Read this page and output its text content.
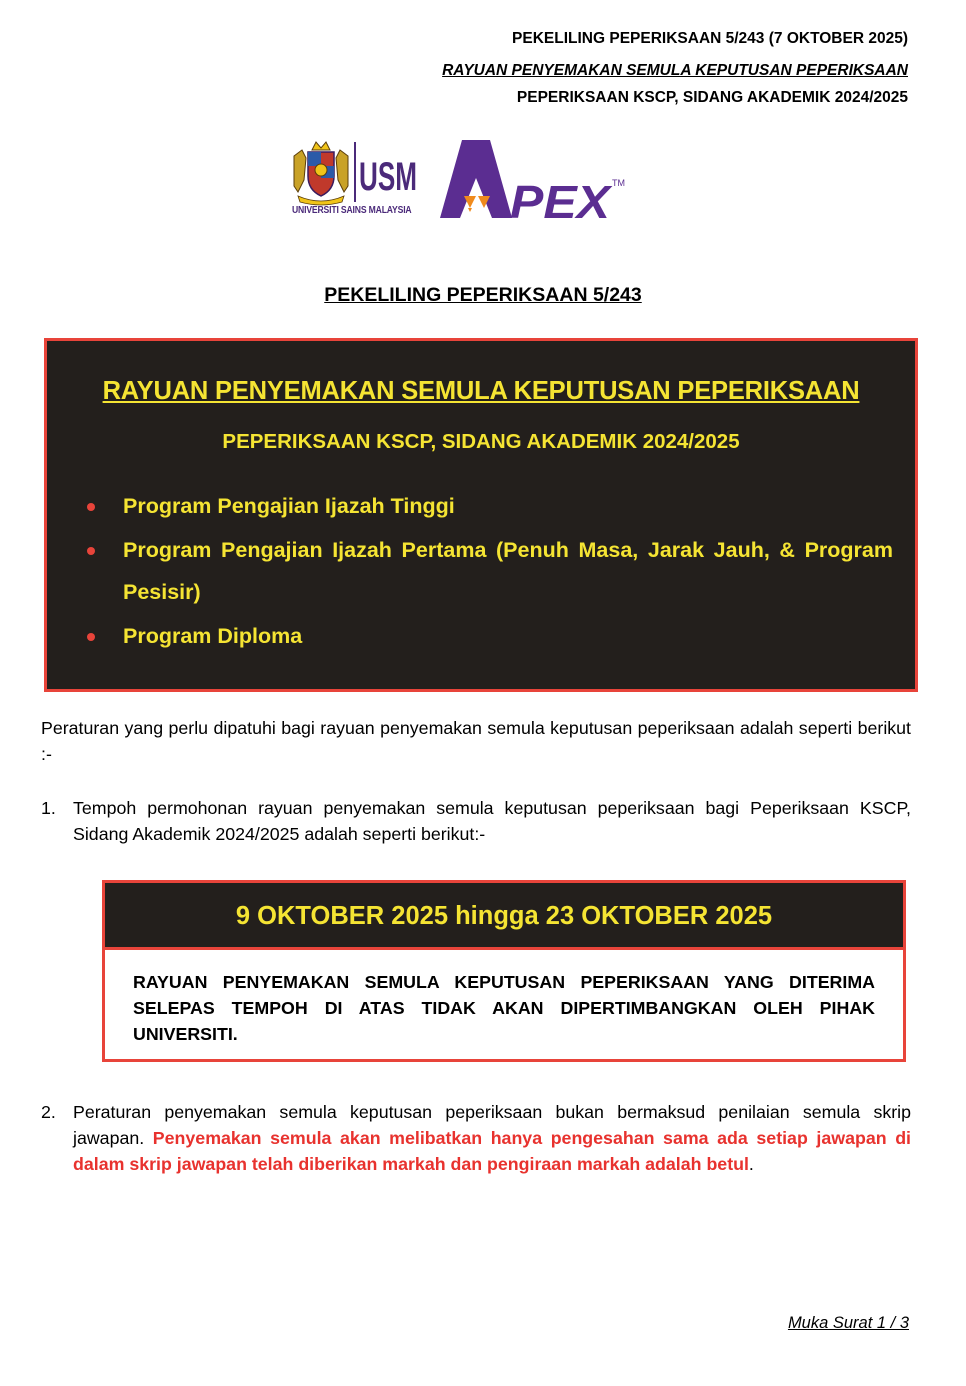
PEKELILING PEPERIKSAAN 5/243 (7 OKTOBER 2025)
RAYUAN PENYEMAKAN SEMULA KEPUTUSAN PEPERIKSAAN
PEPERIKSAAN KSCP, SIDANG AKADEMIK 2024/2025
USM
UNIVERSITI SAINS MALAYSIA PEX TM
PEKELILING PEPERIKSAAN 5/243
RAYUAN PENYEMAKAN SEMULA KEPUTUSAN PEPERIKSAAN
PEPERIKSAAN KSCP, SIDANG AKADEMIK 2024/2025
Program Pengajian Ijazah Tinggi
Program Pengajian Ijazah Pertama (Penuh Masa, Jarak Jauh, & Program Pesisir)
Program Diploma
Peraturan yang perlu dipatuhi bagi rayuan penyemakan semula keputusan peperiksaan adalah seperti berikut :-
1. Tempoh permohonan rayuan penyemakan semula keputusan peperiksaan bagi Peperiksaan KSCP, Sidang Akademik 2024/2025 adalah seperti berikut:-
9 OKTOBER 2025 hingga 23 OKTOBER 2025
RAYUAN PENYEMAKAN SEMULA KEPUTUSAN PEPERIKSAAN YANG DITERIMA SELEPAS TEMPOH DI ATAS TIDAK AKAN DIPERTIMBANGKAN OLEH PIHAK UNIVERSITI.
2. Peraturan penyemakan semula keputusan peperiksaan bukan bermaksud penilaian semula skrip jawapan. Penyemakan semula akan melibatkan hanya pengesahan sama ada setiap jawapan di dalam skrip jawapan telah diberikan markah dan pengiraan markah adalah betul.
Muka Surat 1 / 3
